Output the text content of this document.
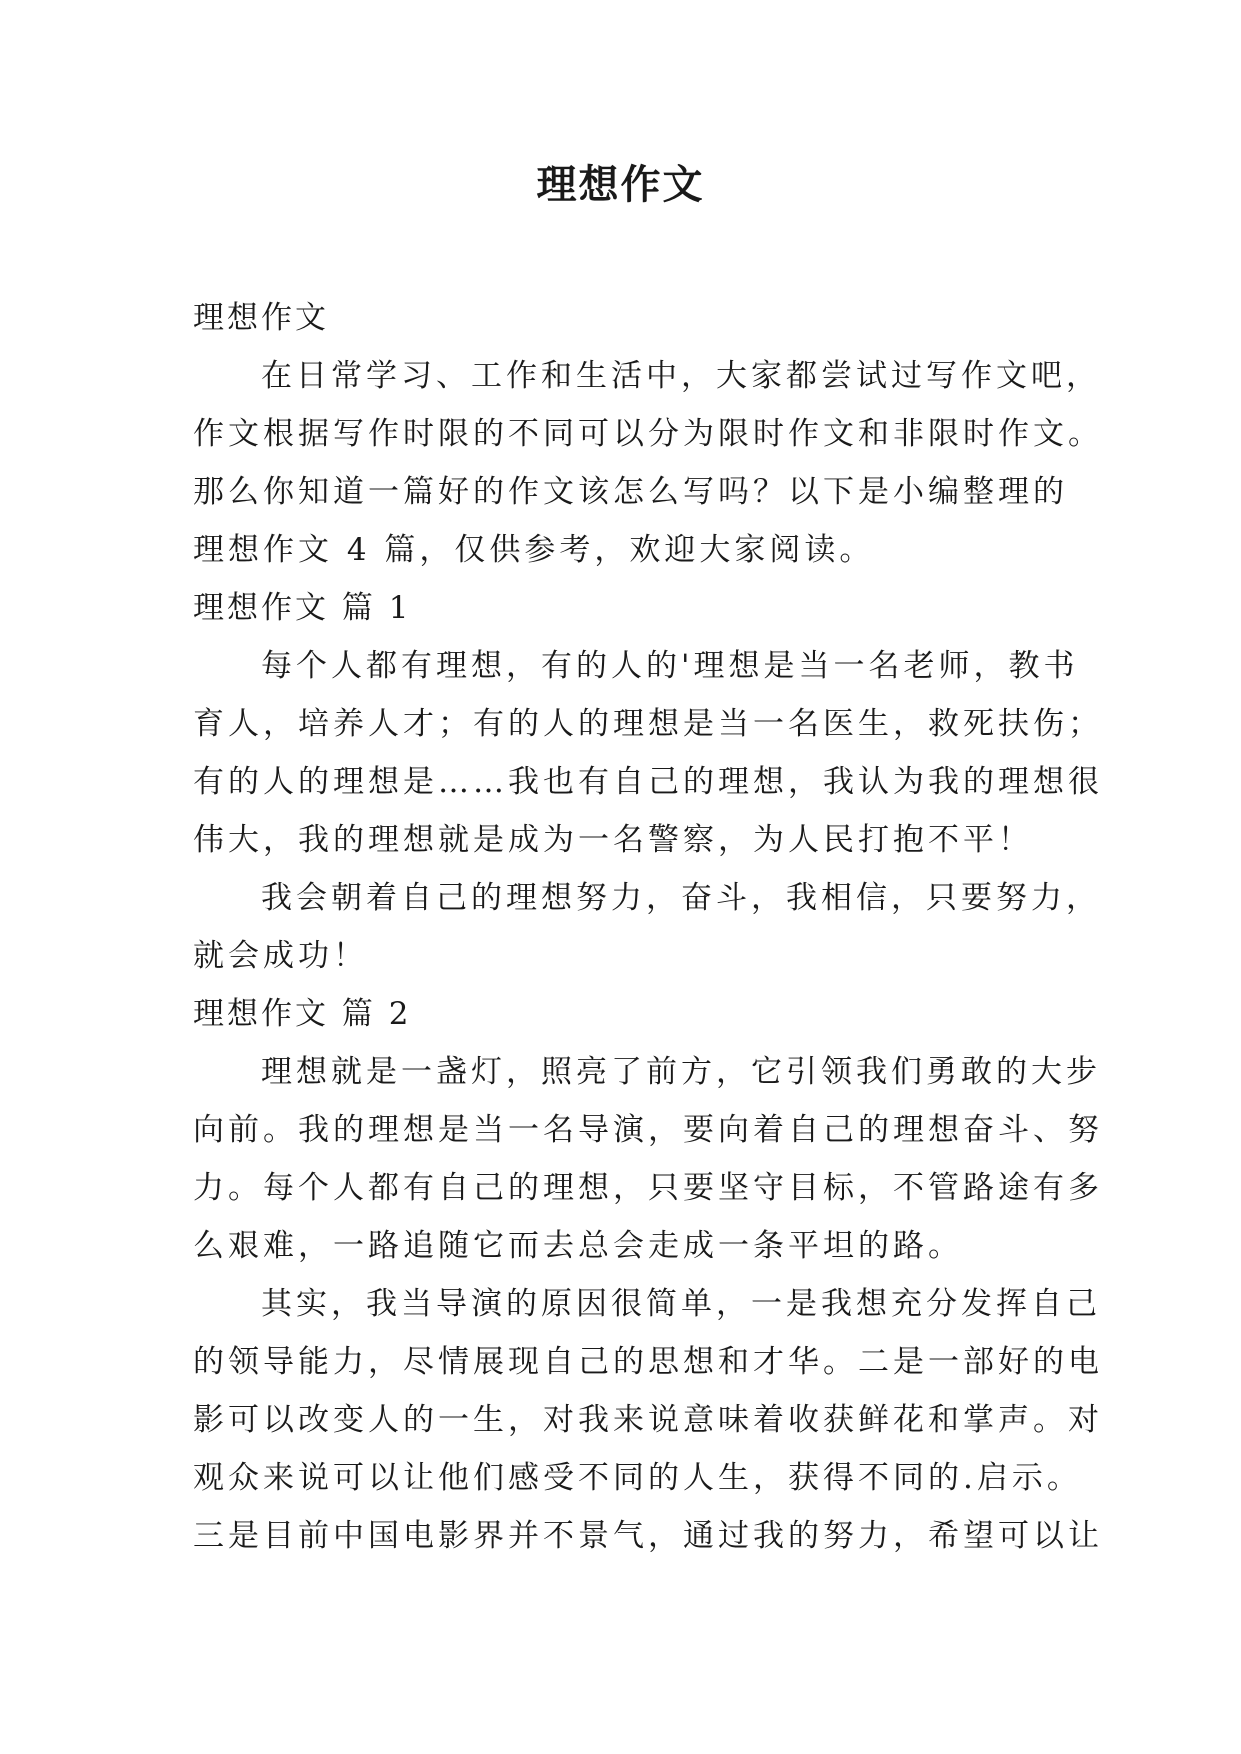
理想作文

理想作文

在日常学习、工作和生活中，大家都尝试过写作文吧，

作文根据写作时限的不同可以分为限时作文和非限时作文。

那么你知道一篇好的作文该怎么写吗？以下是小编整理的

理想作文 4 篇，仅供参考，欢迎大家阅读。

理想作文 篇 1

每个人都有理想，有的人的'理想是当一名老师，教书

育人，培养人才；有的人的理想是当一名医生，救死扶伤；

有的人的理想是……我也有自己的理想，我认为我的理想很

伟大，我的理想就是成为一名警察，为人民打抱不平！

我会朝着自己的理想努力，奋斗，我相信，只要努力，

就会成功！

理想作文 篇 2

理想就是一盏灯，照亮了前方，它引领我们勇敢的大步

向前。我的理想是当一名导演，要向着自己的理想奋斗、努

力。每个人都有自己的理想，只要坚守目标，不管路途有多

么艰难，一路追随它而去总会走成一条平坦的路。

其实，我当导演的原因很简单，一是我想充分发挥自己

的领导能力，尽情展现自己的思想和才华。二是一部好的电

影可以改变人的一生，对我来说意味着收获鲜花和掌声。对

观众来说可以让他们感受不同的人生，获得不同的.启示。

三是目前中国电影界并不景气，通过我的努力，希望可以让
